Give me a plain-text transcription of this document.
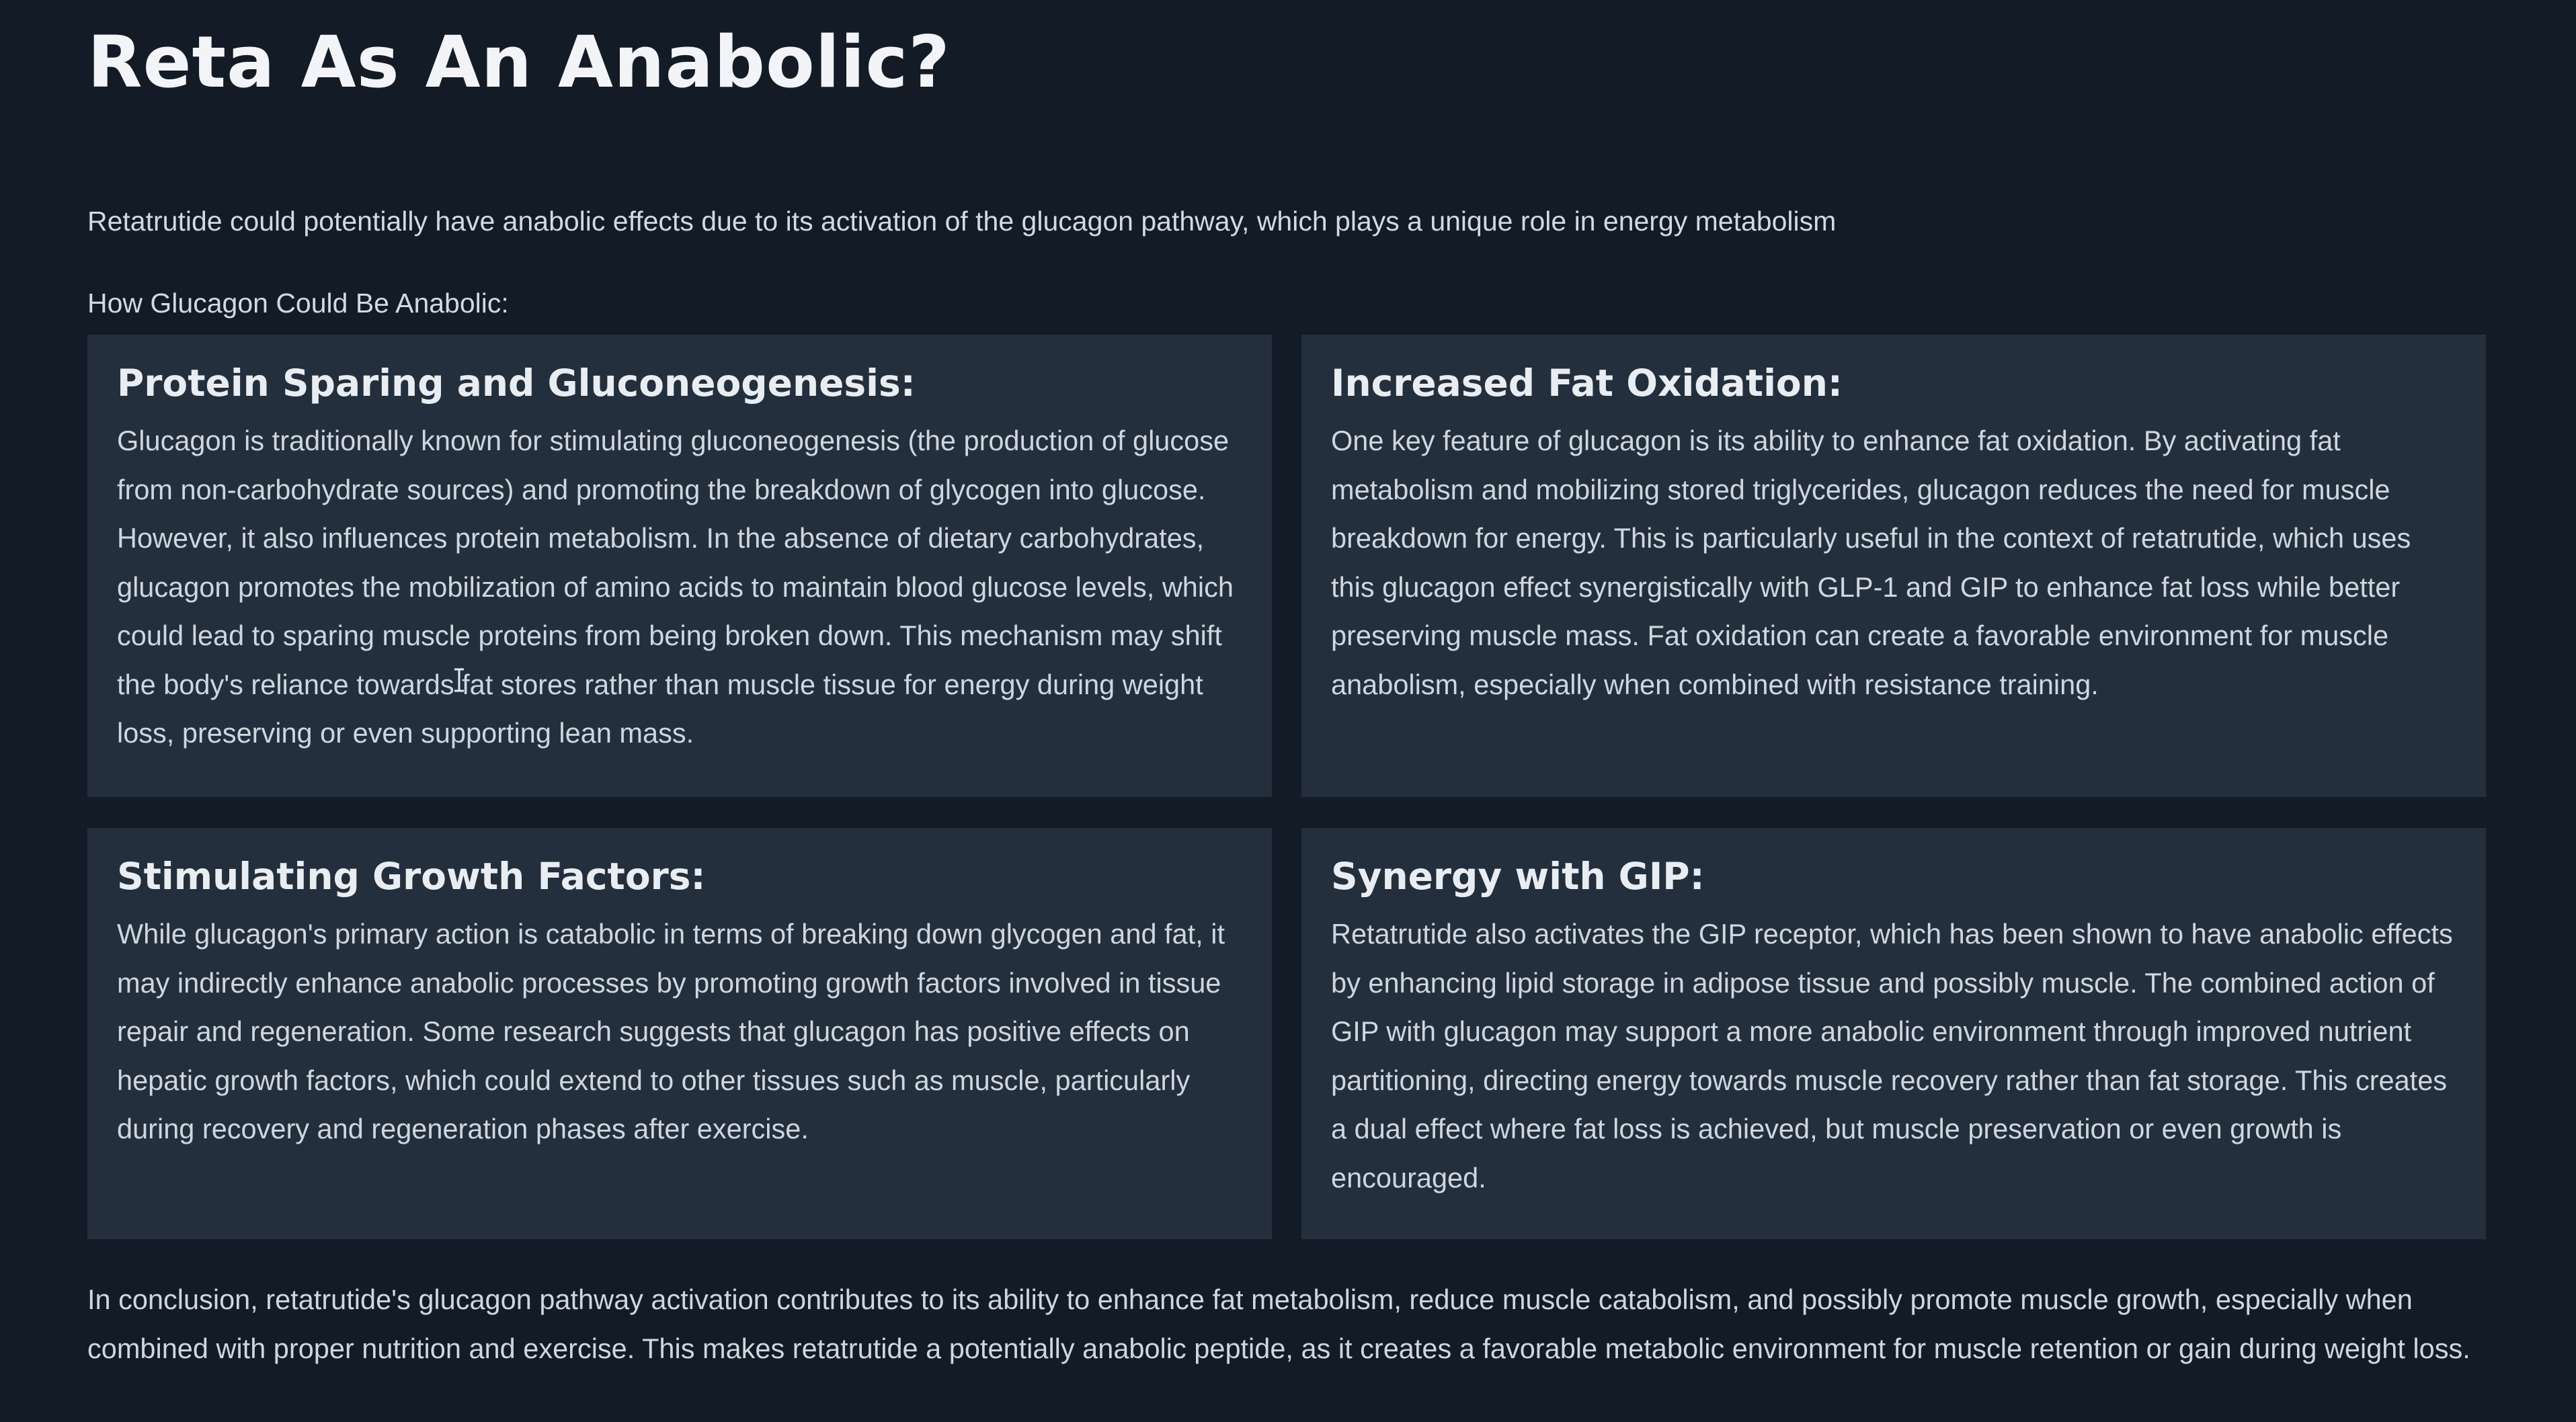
Reta As An Anabolic?

Retatrutide could potentially have anabolic effects due to its activation of the glucagon pathway, which plays a unique role in energy metabolism

How Glucagon Could Be Anabolic:

Protein Sparing and Gluconeogenesis:

Glucagon is traditionally known for stimulating gluconeogenesis (the production of glucose from non-carbohydrate sources) and promoting the breakdown of glycogen into glucose. However, it also influences protein metabolism. In the absence of dietary carbohydrates, glucagon promotes the mobilization of amino acids to maintain blood glucose levels, which could lead to sparing muscle proteins from being broken down. This mechanism may shift the body's reliance towards fat stores rather than muscle tissue for energy during weight loss, preserving or even supporting lean mass.

Increased Fat Oxidation:

One key feature of glucagon is its ability to enhance fat oxidation. By activating fat metabolism and mobilizing stored triglycerides, glucagon reduces the need for muscle breakdown for energy. This is particularly useful in the context of retatrutide, which uses this glucagon effect synergistically with GLP-1 and GIP to enhance fat loss while better preserving muscle mass. Fat oxidation can create a favorable environment for muscle anabolism, especially when combined with resistance training.

Stimulating Growth Factors:

While glucagon's primary action is catabolic in terms of breaking down glycogen and fat, it may indirectly enhance anabolic processes by promoting growth factors involved in tissue repair and regeneration. Some research suggests that glucagon has positive effects on hepatic growth factors, which could extend to other tissues such as muscle, particularly during recovery and regeneration phases after exercise.

Synergy with GIP:

Retatrutide also activates the GIP receptor, which has been shown to have anabolic effects by enhancing lipid storage in adipose tissue and possibly muscle. The combined action of GIP with glucagon may support a more anabolic environment through improved nutrient partitioning, directing energy towards muscle recovery rather than fat storage. This creates a dual effect where fat loss is achieved, but muscle preservation or even growth is encouraged.

In conclusion, retatrutide's glucagon pathway activation contributes to its ability to enhance fat metabolism, reduce muscle catabolism, and possibly promote muscle growth, especially when combined with proper nutrition and exercise. This makes retatrutide a potentially anabolic peptide, as it creates a favorable metabolic environment for muscle retention or gain during weight loss.
